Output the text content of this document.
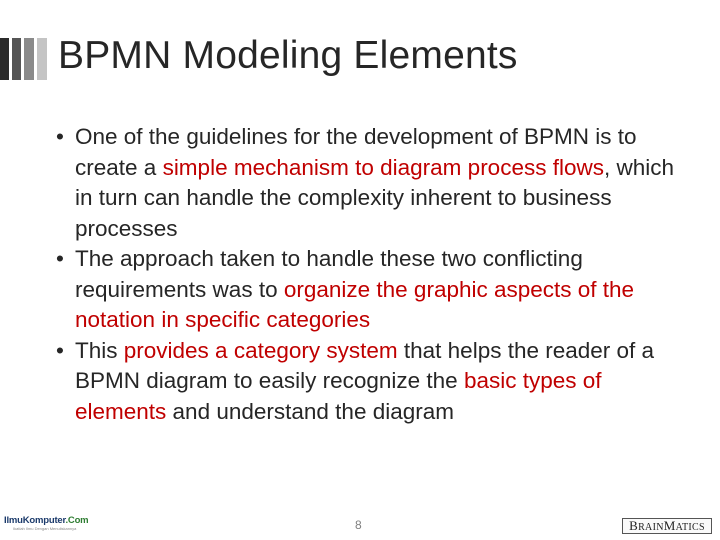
BPMN Modeling Elements

• One of the guidelines for the development of BPMN is to create a simple mechanism to diagram process flows, which in turn can handle the complexity inherent to business processes

• The approach taken to handle these two conflicting requirements was to organize the graphic aspects of the notation in specific categories

• This provides a category system that helps the reader of a BPMN diagram to easily recognize the basic types of elements and understand the diagram

IlmuKomputer.Com
Ikatlah Ilmu Dengan Menuliskannya	8	BRAINMATICS
